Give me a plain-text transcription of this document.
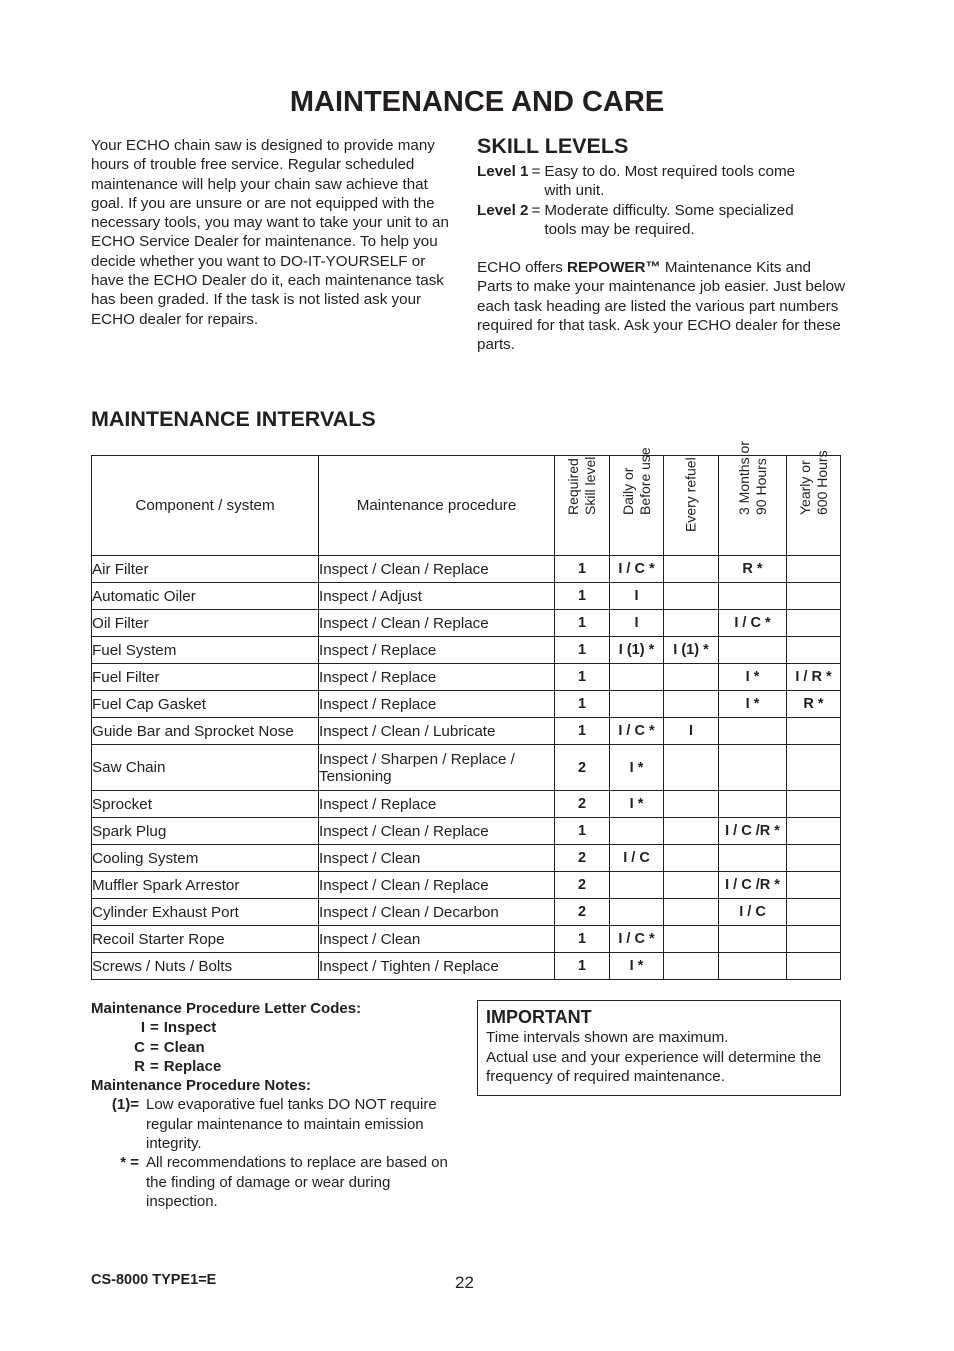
MAINTENANCE AND CARE
Your ECHO chain saw is designed to provide many hours of trouble free service. Regular scheduled maintenance will help your chain saw achieve that goal. If you are unsure or are not equipped with the necessary tools, you may want to take your unit to an ECHO Service Dealer for maintenance. To help you decide whether you want to DO-IT-YOURSELF or have the ECHO Dealer do it, each maintenance task has been graded. If the task is not listed ask your ECHO dealer for repairs.
SKILL LEVELS
Level 1 = Easy to do. Most required tools come with unit.
Level 2 = Moderate difficulty. Some specialized tools may be required.
ECHO offers REPOWER™ Maintenance Kits and Parts to make your maintenance job easier. Just below each task heading are listed the various part numbers required for that task. Ask your ECHO dealer for these parts.
MAINTENANCE INTERVALS
Component / system	Maintenance procedure	Required Skill level	Daily or Before use	Every refuel	3 Months or 90 Hours	Yearly or 600 Hours

Air Filter	Inspect / Clean / Replace	1	I / C *		R *	
Automatic Oiler	Inspect / Adjust	1	I			
Oil Filter	Inspect / Clean / Replace	1	I		I / C *	
Fuel System	Inspect / Replace	1	I (1) *	I (1) *		
Fuel Filter	Inspect / Replace	1			I *	I / R *
Fuel Cap Gasket	Inspect / Replace	1			I *	R *
Guide Bar and Sprocket Nose	Inspect / Clean / Lubricate	1	I / C *	I		
Saw Chain	Inspect / Sharpen / Replace / Tensioning	2	I *			
Sprocket	Inspect / Replace	2	I *			
Spark Plug	Inspect / Clean / Replace	1			I / C /R *	
Cooling System	Inspect / Clean	2	I / C			
Muffler Spark Arrestor	Inspect / Clean / Replace	2			I / C /R *	
Cylinder Exhaust Port	Inspect / Clean / Decarbon	2			I / C	
Recoil Starter Rope	Inspect / Clean	1	I / C *			
Screws / Nuts / Bolts	Inspect / Tighten / Replace	1	I *			
Maintenance Procedure Letter Codes:
I = Inspect
C = Clean
R = Replace
Maintenance Procedure Notes:
(1)= Low evaporative fuel tanks DO NOT require regular maintenance to maintain emission integrity.
* = All recommendations to replace are based on the finding of damage or wear during inspection.
IMPORTANT
Time intervals shown are maximum.
Actual use and your experience will determine the frequency of required maintenance.
CS-8000 TYPE1=E	22
